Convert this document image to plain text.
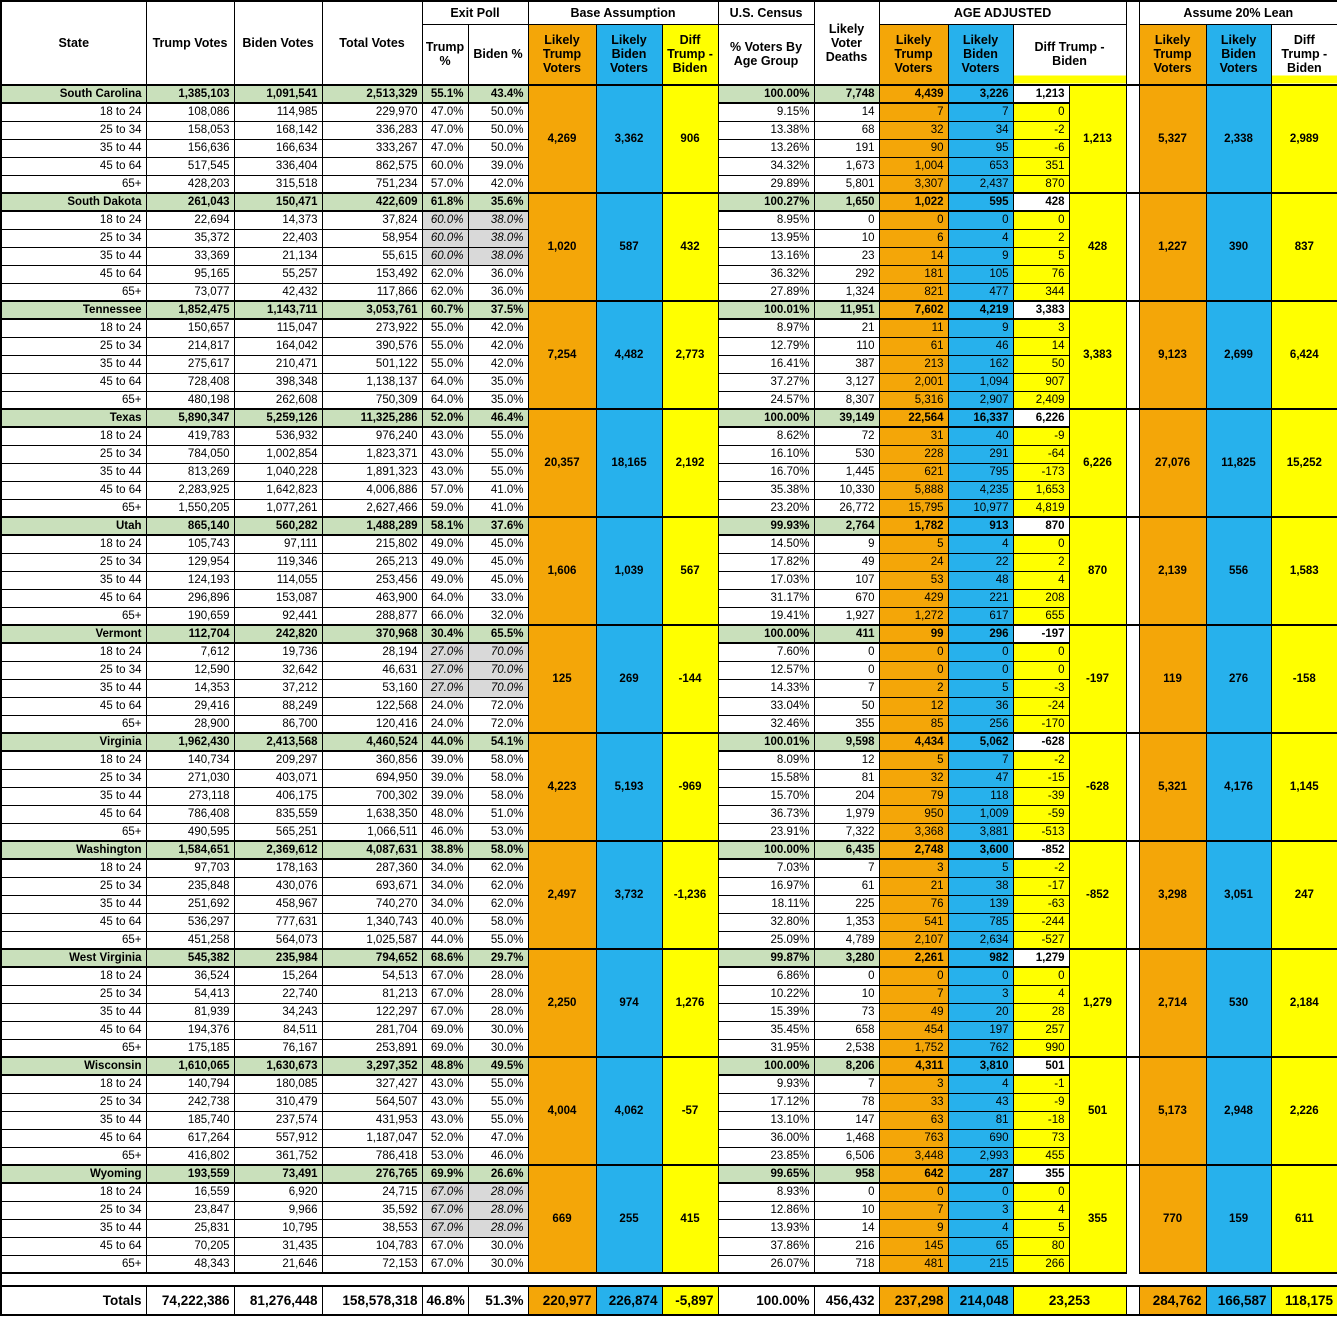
State	Trump Votes	Biden Votes	Total Votes	Exit Poll		Base Assumption			U.S. Census	Likely Voter Deaths	AGE ADJUSTED					Assume 20% Lean		
				Trump %	Biden %	Likely Trump Voters	Likely Biden Voters	Diff Trump - Biden	% Voters By Age Group		Likely Trump Voters	Likely Biden Voters	Diff Trump - Biden			Likely Trump Voters	Likely Biden Voters	Diff Trump - Biden
South Carolina	1,385,103	1,091,541	2,513,329	55.1%	43.4%	4,269	3,362	906	100.00%	7,748	4,439	3,226	1,213	1,213		5,327	2,338	2,989
18 to 24	108,086	114,985	229,970	47.0%	50.0%				9.15%	14	7	7	0					
25 to 34	158,053	168,142	336,283	47.0%	50.0%				13.38%	68	32	34	-2					
35 to 44	156,636	166,634	333,267	47.0%	50.0%				13.26%	191	90	95	-6					
45 to 64	517,545	336,404	862,575	60.0%	39.0%				34.32%	1,673	1,004	653	351					
65+	428,203	315,518	751,234	57.0%	42.0%				29.89%	5,801	3,307	2,437	870					
South Dakota	261,043	150,471	422,609	61.8%	35.6%	1,020	587	432	100.27%	1,650	1,022	595	428	428		1,227	390	837
18 to 24	22,694	14,373	37,824	60.0%	38.0%				8.95%	0	0	0	0					
25 to 34	35,372	22,403	58,954	60.0%	38.0%				13.95%	10	6	4	2					
35 to 44	33,369	21,134	55,615	60.0%	38.0%				13.16%	23	14	9	5					
45 to 64	95,165	55,257	153,492	62.0%	36.0%				36.32%	292	181	105	76					
65+	73,077	42,432	117,866	62.0%	36.0%				27.89%	1,324	821	477	344					
Tennessee	1,852,475	1,143,711	3,053,761	60.7%	37.5%	7,254	4,482	2,773	100.01%	11,951	7,602	4,219	3,383	3,383		9,123	2,699	6,424
18 to 24	150,657	115,047	273,922	55.0%	42.0%				8.97%	21	11	9	3					
25 to 34	214,817	164,042	390,576	55.0%	42.0%				12.79%	110	61	46	14					
35 to 44	275,617	210,471	501,122	55.0%	42.0%				16.41%	387	213	162	50					
45 to 64	728,408	398,348	1,138,137	64.0%	35.0%				37.27%	3,127	2,001	1,094	907					
65+	480,198	262,608	750,309	64.0%	35.0%				24.57%	8,307	5,316	2,907	2,409					
Texas	5,890,347	5,259,126	11,325,286	52.0%	46.4%	20,357	18,165	2,192	100.00%	39,149	22,564	16,337	6,226	6,226		27,076	11,825	15,252
18 to 24	419,783	536,932	976,240	43.0%	55.0%				8.62%	72	31	40	-9					
25 to 34	784,050	1,002,854	1,823,371	43.0%	55.0%				16.10%	530	228	291	-64					
35 to 44	813,269	1,040,228	1,891,323	43.0%	55.0%				16.70%	1,445	621	795	-173					
45 to 64	2,283,925	1,642,823	4,006,886	57.0%	41.0%				35.38%	10,330	5,888	4,235	1,653					
65+	1,550,205	1,077,261	2,627,466	59.0%	41.0%				23.20%	26,772	15,795	10,977	4,819					
Utah	865,140	560,282	1,488,289	58.1%	37.6%	1,606	1,039	567	99.93%	2,764	1,782	913	870	870		2,139	556	1,583
18 to 24	105,743	97,111	215,802	49.0%	45.0%				14.50%	9	5	4	0					
25 to 34	129,954	119,346	265,213	49.0%	45.0%				17.82%	49	24	22	2					
35 to 44	124,193	114,055	253,456	49.0%	45.0%				17.03%	107	53	48	4					
45 to 64	296,896	153,087	463,900	64.0%	33.0%				31.17%	670	429	221	208					
65+	190,659	92,441	288,877	66.0%	32.0%				19.41%	1,927	1,272	617	655					
Vermont	112,704	242,820	370,968	30.4%	65.5%	125	269	-144	100.00%	411	99	296	-197	-197		119	276	-158
18 to 24	7,612	19,736	28,194	27.0%	70.0%				7.60%	0	0	0	0					
25 to 34	12,590	32,642	46,631	27.0%	70.0%				12.57%	0	0	0	0					
35 to 44	14,353	37,212	53,160	27.0%	70.0%				14.33%	7	2	5	-3					
45 to 64	29,416	88,249	122,568	24.0%	72.0%				33.04%	50	12	36	-24					
65+	28,900	86,700	120,416	24.0%	72.0%				32.46%	355	85	256	-170					
Virginia	1,962,430	2,413,568	4,460,524	44.0%	54.1%	4,223	5,193	-969	100.01%	9,598	4,434	5,062	-628	-628		5,321	4,176	1,145
18 to 24	140,734	209,297	360,856	39.0%	58.0%				8.09%	12	5	7	-2					
25 to 34	271,030	403,071	694,950	39.0%	58.0%				15.58%	81	32	47	-15					
35 to 44	273,118	406,175	700,302	39.0%	58.0%				15.70%	204	79	118	-39					
45 to 64	786,408	835,559	1,638,350	48.0%	51.0%				36.73%	1,979	950	1,009	-59					
65+	490,595	565,251	1,066,511	46.0%	53.0%				23.91%	7,322	3,368	3,881	-513					
Washington	1,584,651	2,369,612	4,087,631	38.8%	58.0%	2,497	3,732	-1,236	100.00%	6,435	2,748	3,600	-852	-852		3,298	3,051	247
18 to 24	97,703	178,163	287,360	34.0%	62.0%				7.03%	7	3	5	-2					
25 to 34	235,848	430,076	693,671	34.0%	62.0%				16.97%	61	21	38	-17					
35 to 44	251,692	458,967	740,270	34.0%	62.0%				18.11%	225	76	139	-63					
45 to 64	536,297	777,631	1,340,743	40.0%	58.0%				32.80%	1,353	541	785	-244					
65+	451,258	564,073	1,025,587	44.0%	55.0%				25.09%	4,789	2,107	2,634	-527					
West Virginia	545,382	235,984	794,652	68.6%	29.7%	2,250	974	1,276	99.87%	3,280	2,261	982	1,279	1,279		2,714	530	2,184
18 to 24	36,524	15,264	54,513	67.0%	28.0%				6.86%	0	0	0	0					
25 to 34	54,413	22,740	81,213	67.0%	28.0%				10.22%	10	7	3	4					
35 to 44	81,939	34,243	122,297	67.0%	28.0%				15.39%	73	49	20	28					
45 to 64	194,376	84,511	281,704	69.0%	30.0%				35.45%	658	454	197	257					
65+	175,185	76,167	253,891	69.0%	30.0%				31.95%	2,538	1,752	762	990					
Wisconsin	1,610,065	1,630,673	3,297,352	48.8%	49.5%	4,004	4,062	-57	100.00%	8,206	4,311	3,810	501	501		5,173	2,948	2,226
18 to 24	140,794	180,085	327,427	43.0%	55.0%				9.93%	7	3	4	-1					
25 to 34	242,738	310,479	564,507	43.0%	55.0%				17.12%	78	33	43	-9					
35 to 44	185,740	237,574	431,953	43.0%	55.0%				13.10%	147	63	81	-18					
45 to 64	617,264	557,912	1,187,047	52.0%	47.0%				36.00%	1,468	763	690	73					
65+	416,802	361,752	786,418	53.0%	46.0%				23.85%	6,506	3,448	2,993	455					
Wyoming	193,559	73,491	276,765	69.9%	26.6%	669	255	415	99.65%	958	642	287	355	355		770	159	611
18 to 24	16,559	6,920	24,715	67.0%	28.0%				8.93%	0	0	0	0					
25 to 34	23,847	9,966	35,592	67.0%	28.0%				12.86%	10	7	3	4					
35 to 44	25,831	10,795	38,553	67.0%	28.0%				13.93%	14	9	4	5					
45 to 64	70,205	31,435	104,783	67.0%	30.0%				37.86%	216	145	65	80					
65+	48,343	21,646	72,153	67.0%	30.0%				26.07%	718	481	215	266					

Totals	74,222,386	81,276,448	158,578,318	46.8%	51.3%	220,977	226,874	-5,897	100.00%	456,432	237,298	214,048	23,253			284,762	166,587	118,175
